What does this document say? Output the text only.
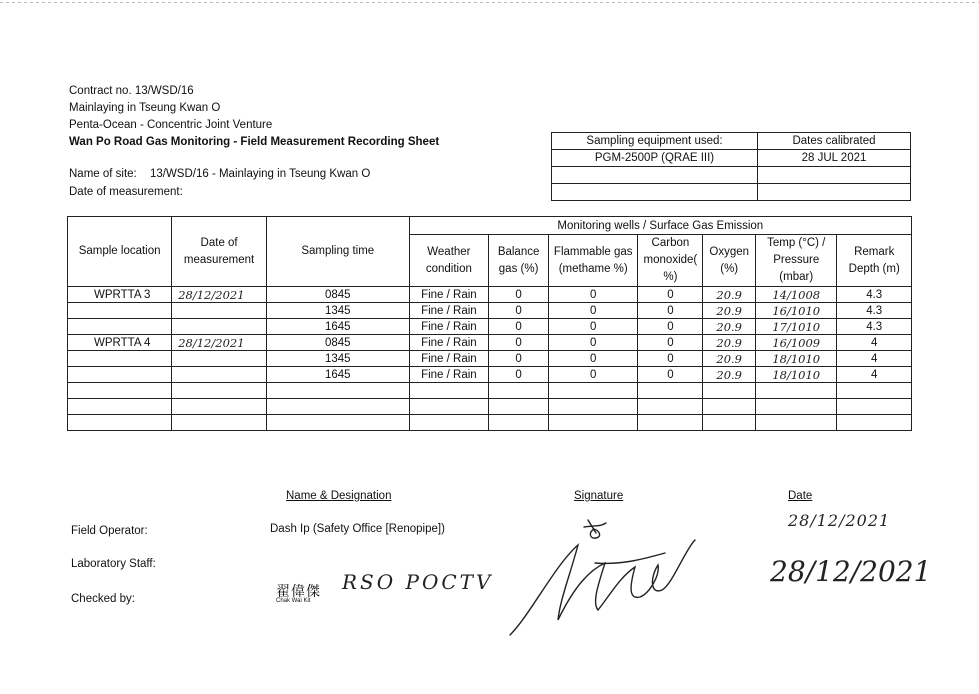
Contract no. 13/WSD/16
Mainlaying in Tseung Kwan O
Penta-Ocean - Concentric Joint Venture
Wan Po Road Gas Monitoring - Field Measurement Recording Sheet
Name of site: 13/WSD/16 - Mainlaying in Tseung Kwan O
Date of measurement:
Sampling equipment used:	Dates calibrated
PGM-2500P (QRAE III)	28 JUL 2021

Sample location	Date of measurement	Sampling time	Monitoring wells / Surface Gas Emission						
			Weather condition	Balance gas (%)	Flammable gas (methame %)	Carbon monoxide( %)	Oxygen (%)	Temp (°C) / Pressure (mbar)	Remark Depth (m)
WPRTTA 3	28/12/2021	0845	Fine / Rain	0	0	0	20.9	14/1008	4.3
		1345	Fine / Rain	0	0	0	20.9	16/1010	4.3
		1645	Fine / Rain	0	0	0	20.9	17/1010	4.3
WPRTTA 4	28/12/2021	0845	Fine / Rain	0	0	0	20.9	16/1009	4
		1345	Fine / Rain	0	0	0	20.9	18/1010	4
		1645	Fine / Rain	0	0	0	20.9	18/1010	4

Name & Designation	Signature	Date
Field Operator:	Dash Ip (Safety Office [Renopipe])	28/12/2021
Laboratory Staff:
Checked by:	翟偉傑
Chak Wai Kit
RSO POCTV	28/12/2021
